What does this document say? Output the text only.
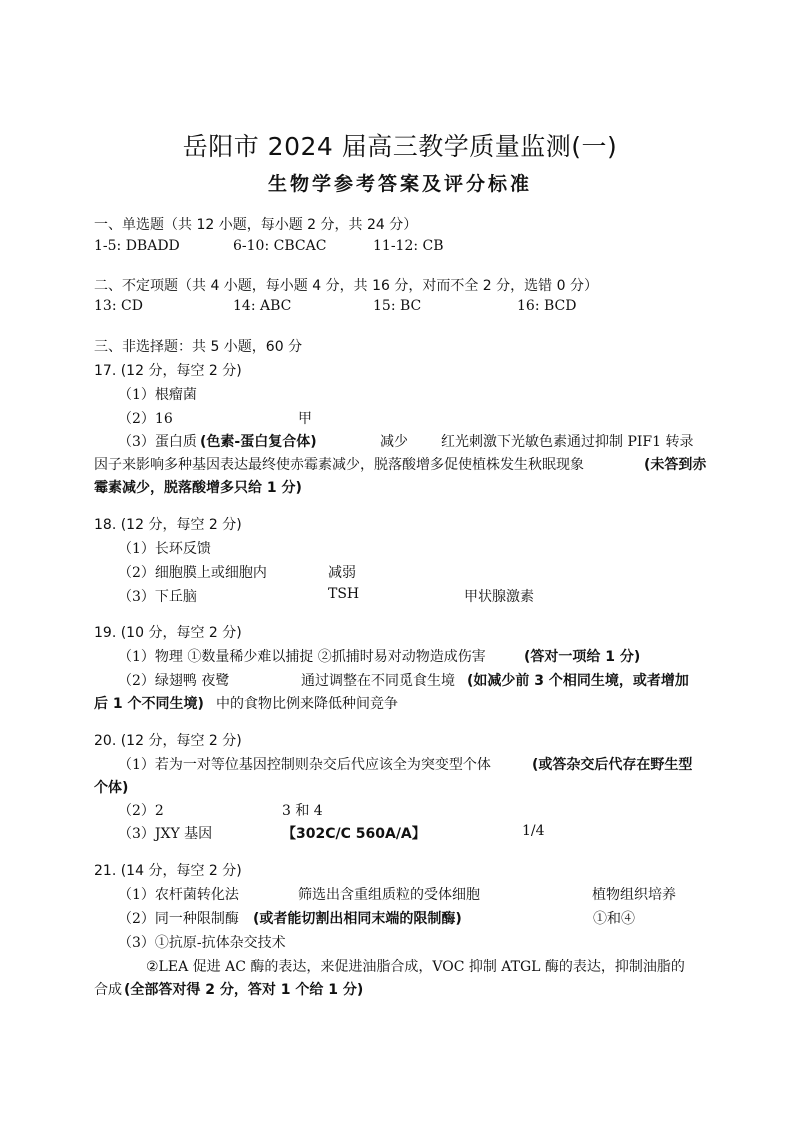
岳阳市 2024 届高三教学质量监测(一)
生物学参考答案及评分标准
一、单选题（共 12 小题，每小题 2 分，共 24 分）
1-5: DBADD	6-10: CBCAC	11-12: CB
二、不定项题（共 4 小题，每小题 4 分，共 16 分，对而不全 2 分，选错 0 分）
13: CD	14: ABC	15: BC	16: BCD
三、非选择题：共 5 小题，60 分
17. (12 分，每空 2 分)
（1）根瘤菌
（2）16	甲
（3）蛋白质 (色素-蛋白复合体)	减少 红光刺激下光敏色素通过抑制 PIF1 转录
因子来影响多种基因表达最终使赤霉素减少，脱落酸增多促使植株发生秋眠现象	(未答到赤
霉素减少，脱落酸增多只给 1 分)
18. (12 分，每空 2 分)
（1）长环反馈
（2）细胞膜上或细胞内	减弱
（3）下丘脑	TSH	甲状腺激素
19. (10 分，每空 2 分)
（1）物理 ①数量稀少难以捕捉 ②抓捕时易对动物造成伤害	(答对一项给 1 分)
（2）绿翅鸭 夜鹭	通过调整在不同觅食生境 (如减少前 3 个相同生境，或者增加
后 1 个不同生境) 中的食物比例来降低种间竞争
20. (12 分，每空 2 分)
（1）若为一对等位基因控制则杂交后代应该全为突变型个体	(或答杂交后代存在野生型
个体)
（2）2	3 和 4
（3）JXY 基因	【302C/C 560A/A】	1/4
21. (14 分，每空 2 分)
（1）农杆菌转化法	筛选出含重组质粒的受体细胞	植物组织培养
（2）同一种限制酶 (或者能切割出相同末端的限制酶)	①和④
（3）①抗原-抗体杂交技术
②LEA 促进 AC 酶的表达，来促进油脂合成，VOC 抑制 ATGL 酶的表达，抑制油脂的
合成 (全部答对得 2 分，答对 1 个给 1 分)
